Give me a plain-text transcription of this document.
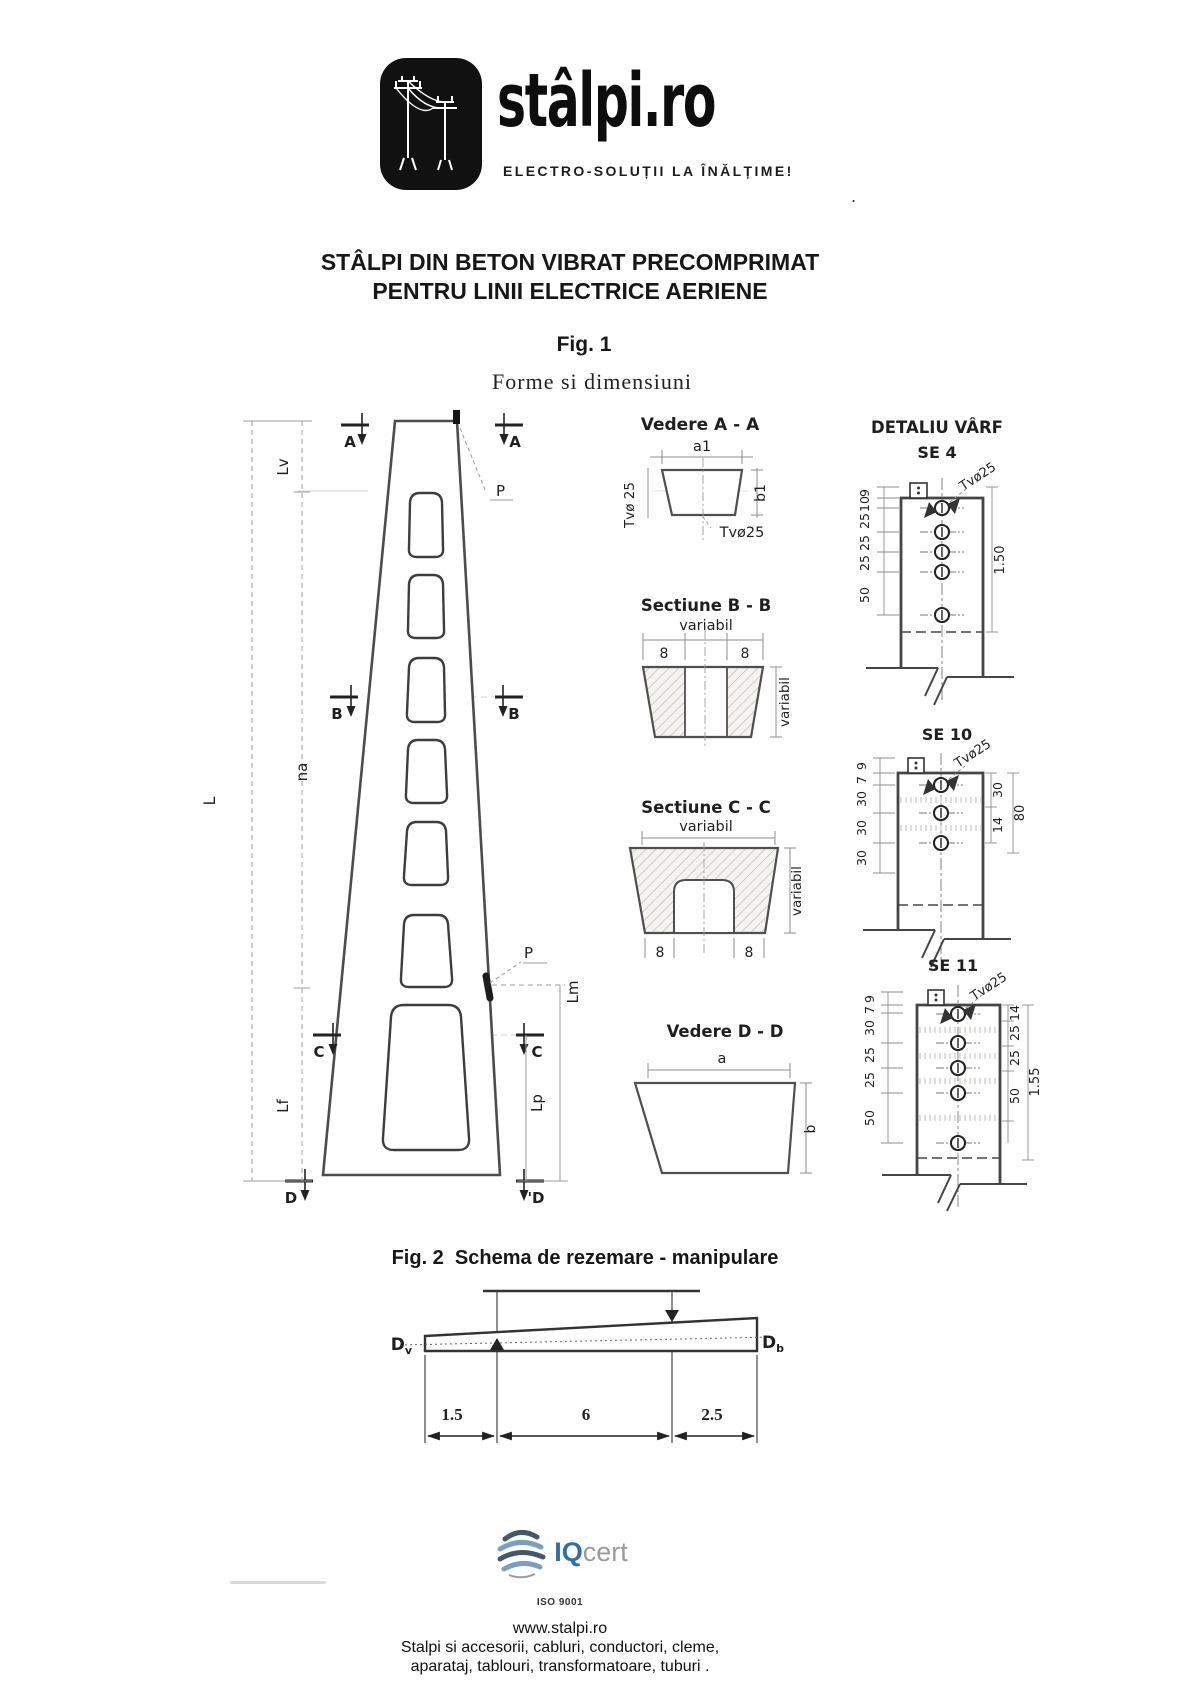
stâlpi.ro
ELECTRO-SOLUȚII LA ÎNĂLȚIME!
.
STÂLPI DIN BETON VIBRAT PRECOMPRIMAT
PENTRU LINII ELECTRICE AERIENE
Fig. 1
Forme si dimensiuni
Fig. 2  Schema de rezemare - manipulare
A	A
B	B
C	C
D	'D
L
Lv
na
Lf
Lm
Lp
P
P
Vedere A - A
a1
Tvø 25	b1
Tvø25
Sectiune B - B
variabil
8	8
variabil
Sectiune C - C
variabil
8	8
variabil
Vedere D - D
a
b
DETALIU VÂRF
SE 4
Tvø25
9
10
25
25
25
50
1.50
SE 10
Tvø25
9
7
30
30
30
30
14
80
SE 11
Tvø25
9
7
30
25
25
50
14
25
25
50 1.55
$D_v$	$D_b$
1.5	6	2.5
IQcert
ISO 9001
www.stalpi.ro
Stalpi si accesorii, cabluri, conductori, cleme,
aparataj, tablouri, transformatoare, tuburi .
